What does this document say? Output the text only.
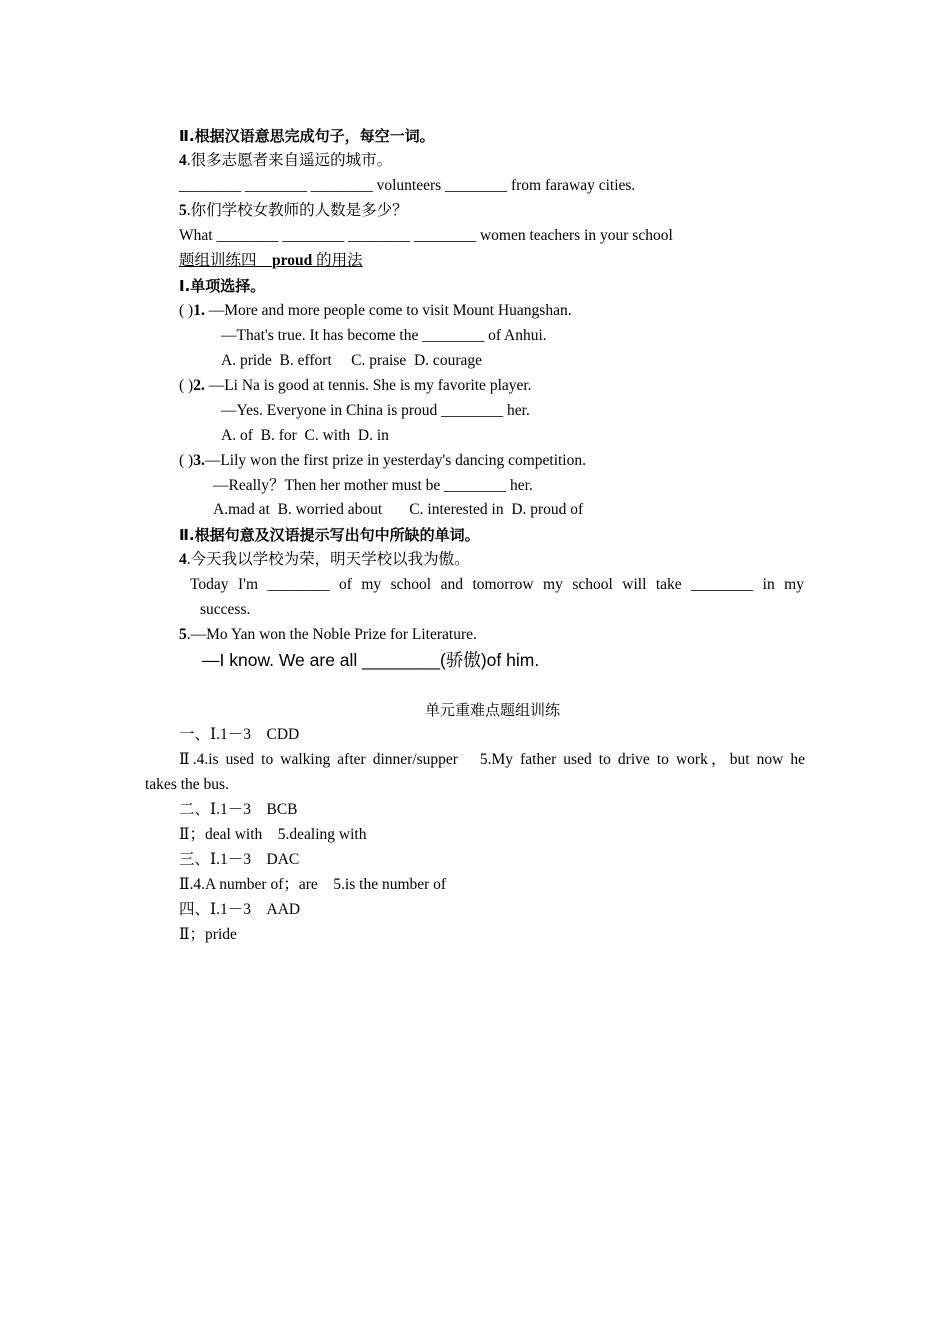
Ⅱ.根据汉语意思完成句子，每空一词。
4.很多志愿者来自遥远的城市。
________ ________ ________ volunteers ________ from faraway cities.
5.你们学校女教师的人数是多少？
What ________ ________ ________ ________ women teachers in your school
题组训练四　proud 的用法
Ⅰ.单项选择。
( )1. —More and more people come to visit Mount Huangshan.
—That's true. It has become the ________ of Anhui.
A. pride  B. effort     C. praise  D. courage
( )2. —Li Na is good at tennis. She is my favorite player.
—Yes. Everyone in China is proud ________ her.
A. of  B. for  C. with  D. in
( )3.—Lily won the first prize in yesterday's dancing competition.
—Really？Then her mother must be ________ her.
A.mad at  B. worried about       C. interested in  D. proud of
Ⅱ.根据句意及汉语提示写出句中所缺的单词。
4.今天我以学校为荣，明天学校以我为傲。
Today I'm ________ of my school and tomorrow my school will take ________ in my
success.
5.—Mo Yan won the Noble Prize for Literature.
—I know. We are all ________(骄傲)of him.
单元重难点题组训练
一、Ⅰ.1－3　CDD
Ⅱ.4.is used to walking after dinner/supper　5.My father used to drive to work，but now he
takes the bus.
二、Ⅰ.1－3　BCB
Ⅱ；deal with　5.dealing with
三、Ⅰ.1－3　DAC
Ⅱ.4.A number of；are　5.is the number of
四、Ⅰ.1－3　AAD
Ⅱ；pride
